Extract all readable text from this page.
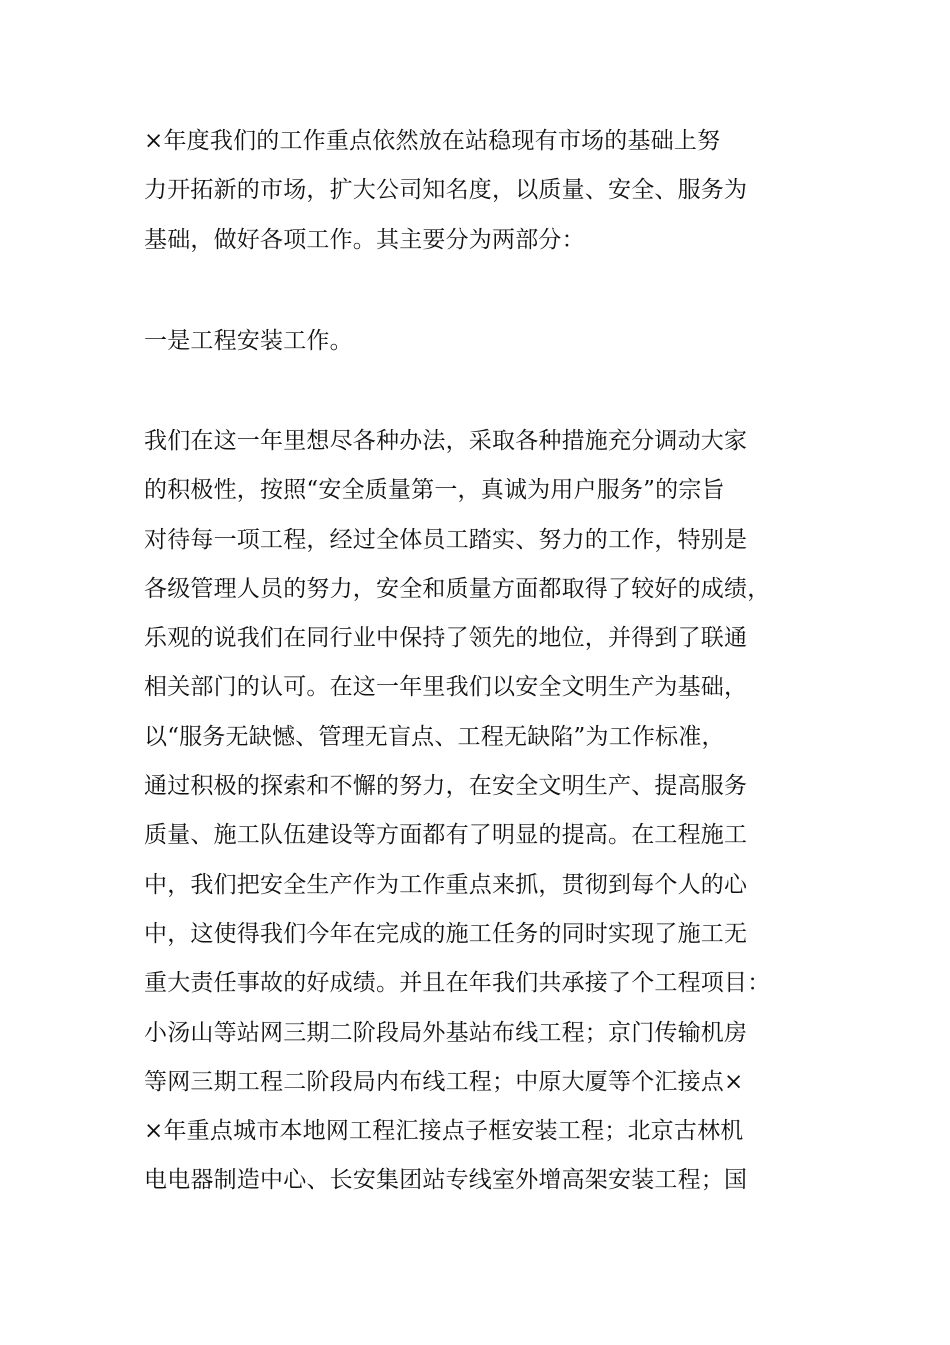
×年度我们的工作重点依然放在站稳现有市场的基础上努
力开拓新的市场，扩大公司知名度，以质量、安全、服务为
基础，做好各项工作。其主要分为两部分：
一是工程安装工作。
我们在这一年里想尽各种办法，采取各种措施充分调动大家
的积极性，按照“安全质量第一，真诚为用户服务”的宗旨
对待每一项工程，经过全体员工踏实、努力的工作，特别是
各级管理人员的努力，安全和质量方面都取得了较好的成绩，
乐观的说我们在同行业中保持了领先的地位，并得到了联通
相关部门的认可。在这一年里我们以安全文明生产为基础，
以“服务无缺憾、管理无盲点、工程无缺陷”为工作标准，
通过积极的探索和不懈的努力，在安全文明生产、提高服务
质量、施工队伍建设等方面都有了明显的提高。在工程施工
中，我们把安全生产作为工作重点来抓，贯彻到每个人的心
中，这使得我们今年在完成的施工任务的同时实现了施工无
重大责任事故的好成绩。并且在年我们共承接了个工程项目：
小汤山等站网三期二阶段局外基站布线工程；京门传输机房
等网三期工程二阶段局内布线工程；中原大厦等个汇接点×
×年重点城市本地网工程汇接点子框安装工程；北京古林机
电电器制造中心、长安集团站专线室外增高架安装工程；国
